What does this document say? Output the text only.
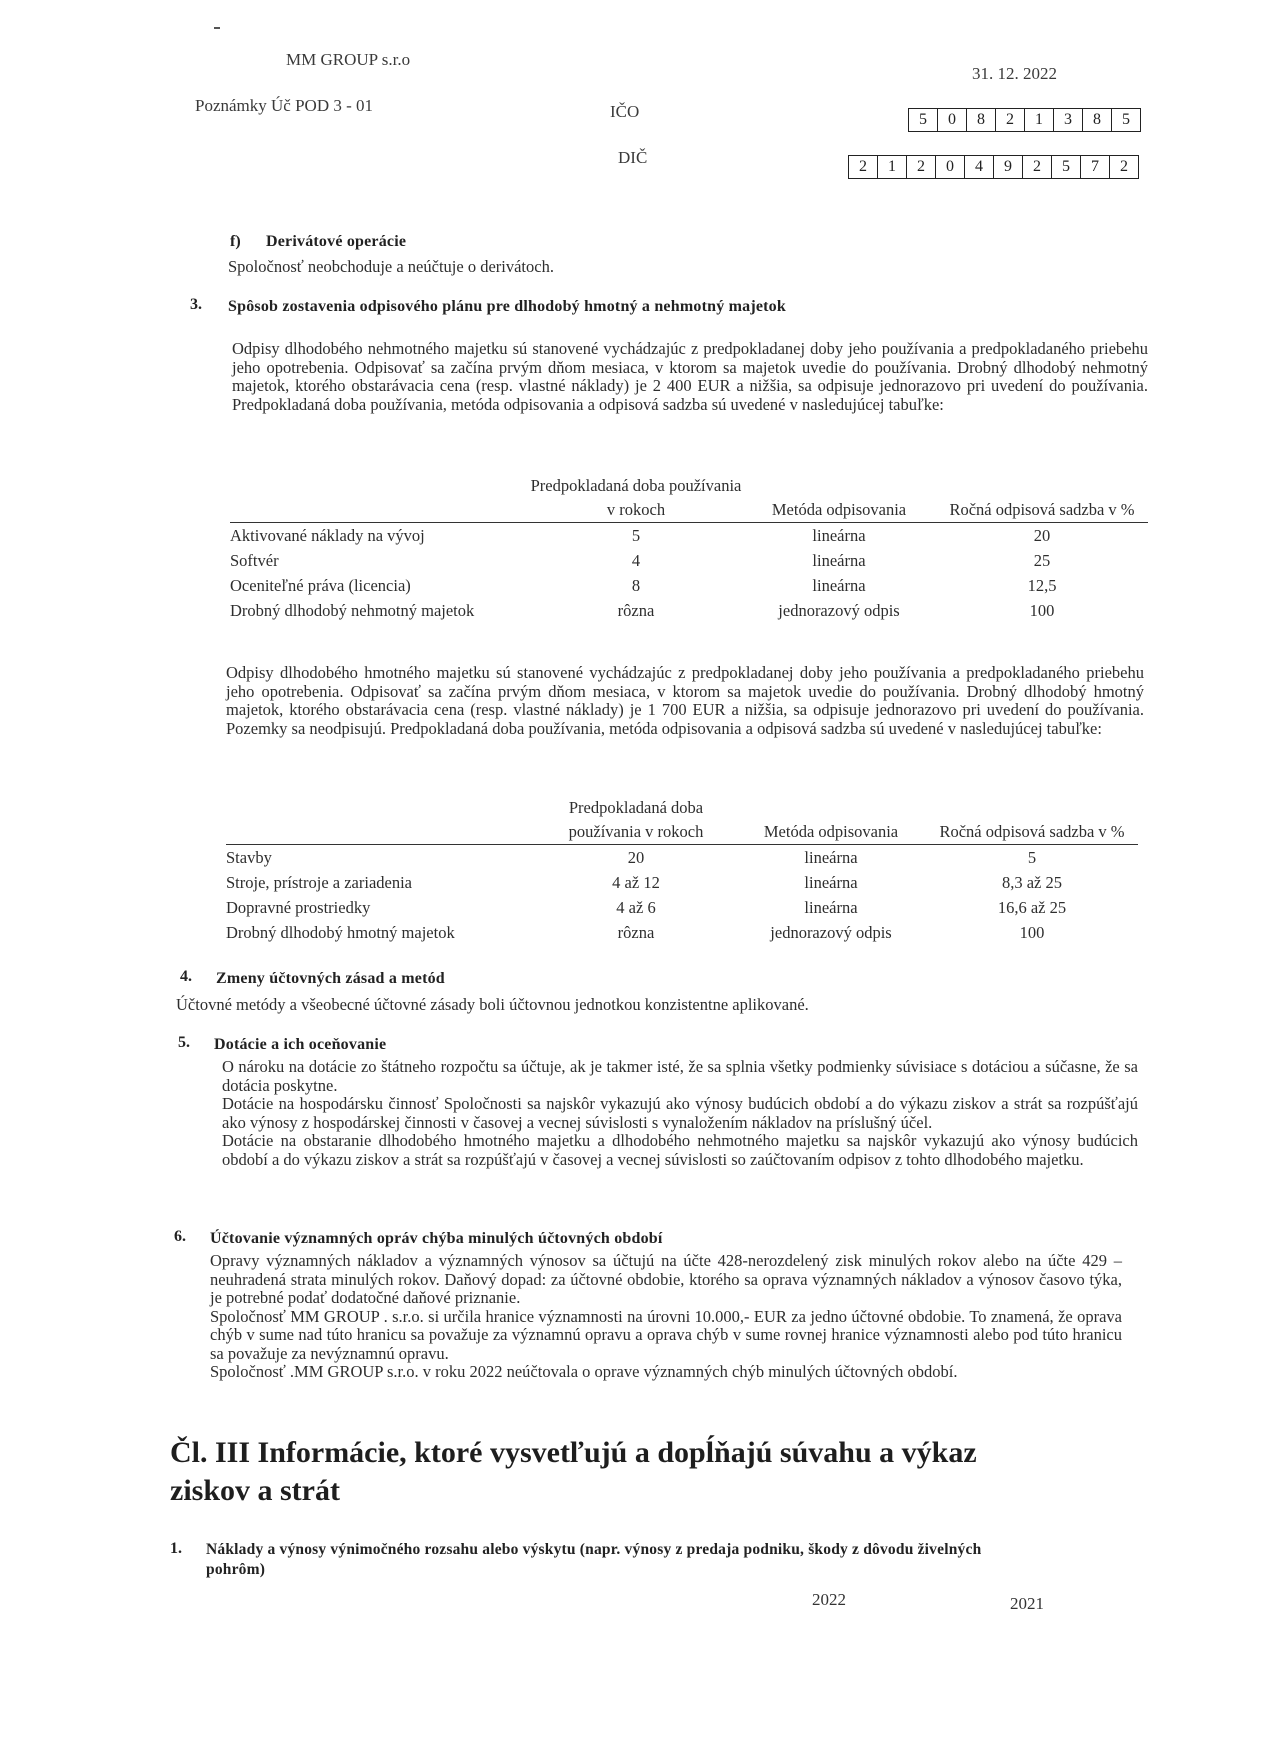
MM GROUP s.r.o
31. 12. 2022
Poznámky Úč POD 3 - 01	IČO
DIČ
5	0	8	2	1	3	8	5
2	1	2	0	4	9	2	5	7	2
f) Derivátové operácie
Spoločnosť neobchoduje a neúčtuje o derivátoch.
3. Spôsob zostavenia odpisového plánu pre dlhodobý hmotný a nehmotný majetok
Odpisy dlhodobého nehmotného majetku sú stanovené vychádzajúc z predpokladanej doby jeho používania a predpokladaného priebehu jeho opotrebenia. Odpisovať sa začína prvým dňom mesiaca, v ktorom sa majetok uvedie do používania. Drobný dlhodobý nehmotný majetok, ktorého obstarávacia cena (resp. vlastné náklady) je 2 400 EUR a nižšia, sa odpisuje jednorazovo pri uvedení do používania. Predpokladaná doba používania, metóda odpisovania a odpisová sadzba sú uvedené v nasledujúcej tabuľke:
	Predpokladaná doba používania v rokoch	Metóda odpisovania	Ročná odpisová sadzba v %
Aktivované náklady na vývoj	5	lineárna	20
Softvér	4	lineárna	25
Oceniteľné práva (licencia)	8	lineárna	12,5
Drobný dlhodobý nehmotný majetok	rôzna	jednorazový odpis	100
Odpisy dlhodobého hmotného majetku sú stanovené vychádzajúc z predpokladanej doby jeho používania a predpokladaného priebehu jeho opotrebenia. Odpisovať sa začína prvým dňom mesiaca, v ktorom sa majetok uvedie do používania. Drobný dlhodobý hmotný majetok, ktorého obstarávacia cena (resp. vlastné náklady) je 1 700 EUR a nižšia, sa odpisuje jednorazovo pri uvedení do používania. Pozemky sa neodpisujú. Predpokladaná doba používania, metóda odpisovania a odpisová sadzba sú uvedené v nasledujúcej tabuľke:
	Predpokladaná doba používania v rokoch	Metóda odpisovania	Ročná odpisová sadzba v %
Stavby	20	lineárna	5
Stroje, prístroje a zariadenia	4 až 12	lineárna	8,3 až 25
Dopravné prostriedky	4 až 6	lineárna	16,6 až 25
Drobný dlhodobý hmotný majetok	rôzna	jednorazový odpis	100
4. Zmeny účtovných zásad a metód
Účtovné metódy a všeobecné účtovné zásady boli účtovnou jednotkou konzistentne aplikované.
5. Dotácie a ich oceňovanie

O nároku na dotácie zo štátneho rozpočtu sa účtuje, ak je takmer isté, že sa splnia všetky podmienky súvisiace s dotáciou a súčasne, že sa dotácia poskytne.

Dotácie na hospodársku činnosť Spoločnosti sa najskôr vykazujú ako výnosy budúcich období a do výkazu ziskov a strát sa rozpúšťajú ako výnosy z hospodárskej činnosti v časovej a vecnej súvislosti s vynaložením nákladov na príslušný účel.

Dotácie na obstaranie dlhodobého hmotného majetku a dlhodobého nehmotného majetku sa najskôr vykazujú ako výnosy budúcich období a do výkazu ziskov a strát sa rozpúšťajú v časovej a vecnej súvislosti so zaúčtovaním odpisov z tohto dlhodobého majetku.

6. Účtovanie významných opráv chýba minulých účtovných období

Opravy významných nákladov a významných výnosov sa účtujú na účte 428-nerozdelený zisk minulých rokov alebo na účte 429 – neuhradená strata minulých rokov. Daňový dopad: za účtovné obdobie, ktorého sa oprava významných nákladov a výnosov časovo týka, je potrebné podať dodatočné daňové priznanie.

Spoločnosť MM GROUP . s.r.o. si určila hranice významnosti na úrovni 10.000,- EUR za jedno účtovné obdobie. To znamená, že oprava chýb v sume nad túto hranicu sa považuje za významnú opravu a oprava chýb v sume rovnej hranice významnosti alebo pod túto hranicu sa považuje za nevýznamnú opravu.

Spoločnosť .MM GROUP s.r.o. v roku 2022 neúčtovala o oprave významných chýb minulých účtovných období.

Čl. III Informácie, ktoré vysvetľujú a dopĺňajú súvahu a výkaz
ziskov a strát
1. Náklady a výnosy výnimočného rozsahu alebo výskytu (napr. výnosy z predaja podniku, škody z dôvodu živelných
pohrôm)
2022	2021
